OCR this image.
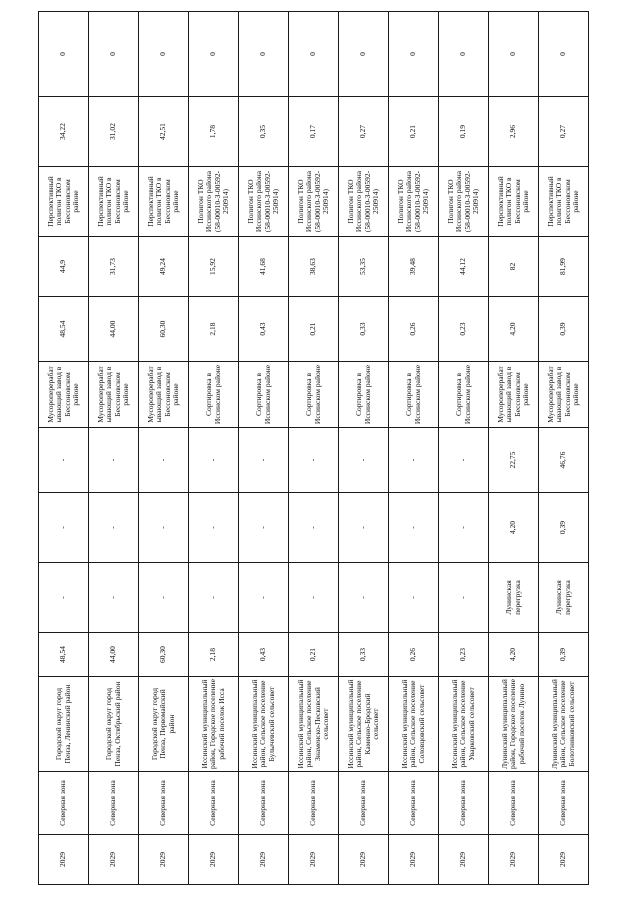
2029	Северная зона	Городской округ город Пенза, Ленинский район	48,54	-	-	-	Мусороперерабатывающий завод в Бессоновском районе	48,54	44,9	Перспективный полигон ТКО в Бессоновском районе	34,22	0
2029	Северная зона	Городской округ город Пенза, Октябрьский район	44,00	-	-	-	Мусороперерабатывающий завод в Бессоновском районе	44,00	31,73	Перспективный полигон ТКО в Бессоновском районе	31,02	0
2029	Северная зона	Городской округ город Пенза, Первомайский район	60,30	-	-	-	Мусороперерабатывающий завод в Бессоновском районе	60,30	49,24	Перспективный полигон ТКО в Бессоновском районе	42,51	0
2029	Северная зона	Иссинский муниципальный район, Городское поселение рабочий поселок Исса	2,18	-	-	-	Сортировка в Иссинском районе	2,18	15,92	Полигон ТКО Иссинского района (58-00010-З-00592-250914)	1,78	0
2029	Северная зона	Иссинский муниципальный район, Сельское поселение Булычевский сельсовет	0,43	-	-	-	Сортировка в Иссинском районе	0,43	41,68	Полигон ТКО Иссинского района (58-00010-З-00592-250914)	0,35	0
2029	Северная зона	Иссинский муниципальный район, Сельское поселение Знаменско-Песковский сельсовет	0,21	-	-	-	Сортировка в Иссинском районе	0,21	38,63	Полигон ТКО Иссинского района (58-00010-З-00592-250914)	0,17	0
2029	Северная зона	Иссинский муниципальный район, Сельское поселение Каменно-Бродский сельсовет	0,33	-	-	-	Сортировка в Иссинском районе	0,33	53,35	Полигон ТКО Иссинского района (58-00010-З-00592-250914)	0,27	0
2029	Северная зона	Иссинский муниципальный район, Сельское поселение Соловцовский сельсовет	0,26	-	-	-	Сортировка в Иссинском районе	0,26	39,48	Полигон ТКО Иссинского района (58-00010-З-00592-250914)	0,21	0
2029	Северная зона	Иссинский муниципальный район, Сельское поселение Уварковский сельсовет	0,23	-	-	-	Сортировка в Иссинском районе	0,23	44,12	Полигон ТКО Иссинского района (58-00010-З-00592-250914)	0,19	0
2029	Северная зона	Лунинский муниципальный район, Городское поселение рабочий поселок Лунино	4,20	Лунинская перегрузка	4,20	22,75	Мусороперерабатывающий завод в Бессоновском районе	4,20	82	Перспективный полигон ТКО в Бессоновском районе	2,96	0
2029	Северная зона	Лунинский муниципальный район, Сельское поселение Болотниковский сельсовет	0,39	Лунинская перегрузка	0,39	46,76	Мусороперерабатывающий завод в Бессоновском районе	0,39	81,99	Перспективный полигон ТКО в Бессоновском районе	0,27	0
